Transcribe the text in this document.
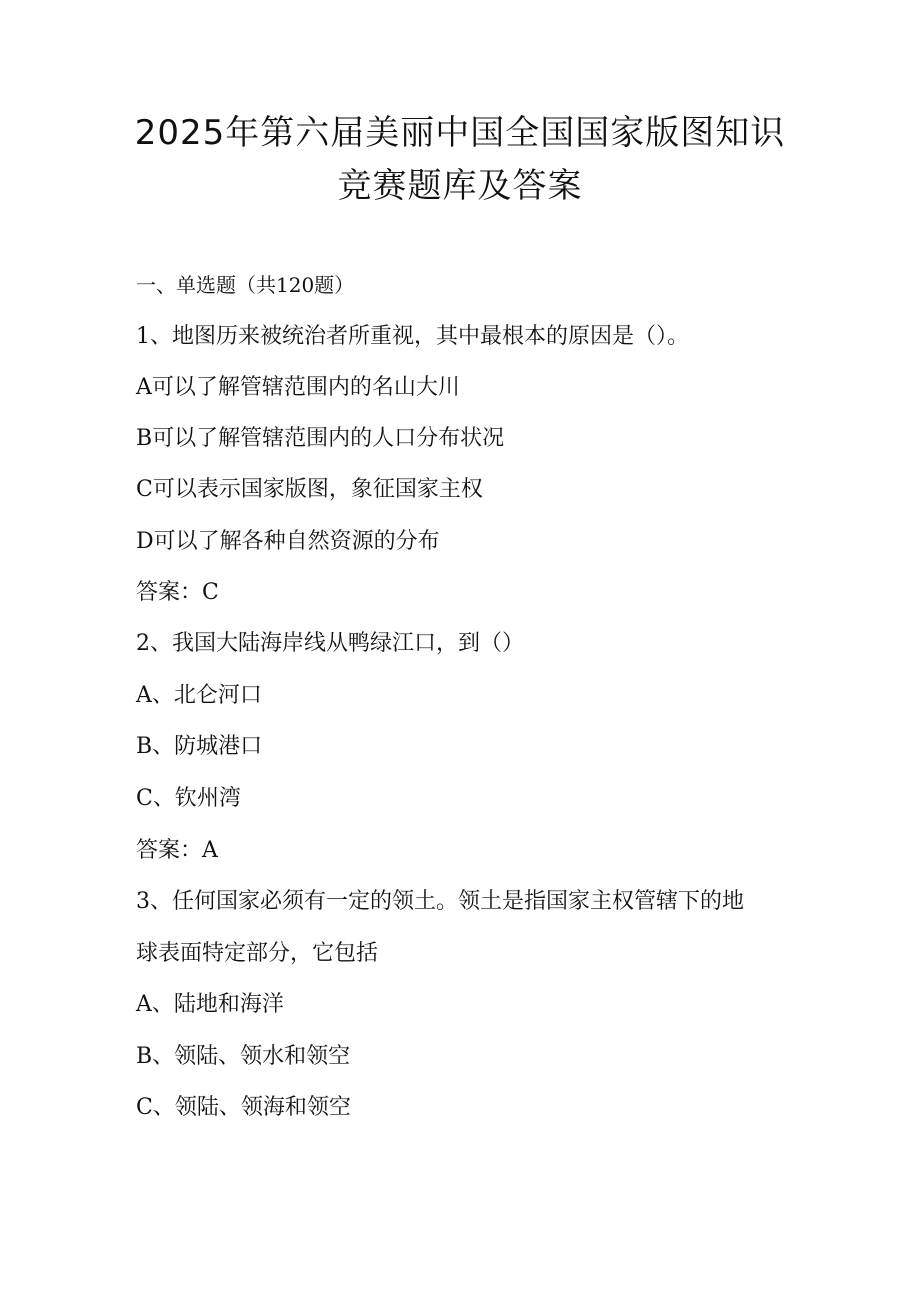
2025年第六届美丽中国全国国家版图知识
竞赛题库及答案
一、单选题（共120题）
1、地图历来被统治者所重视，其中最根本的原因是（）。
A可以了解管辖范围内的名山大川
B可以了解管辖范围内的人口分布状况
C可以表示国家版图，象征国家主权
D可以了解各种自然资源的分布
答案：C
2、我国大陆海岸线从鸭绿江口，到（）
A、北仑河口
B、防城港口
C、钦州湾
答案：A
3、任何国家必须有一定的领土。领土是指国家主权管辖下的地
球表面特定部分，它包括
A、陆地和海洋
B、领陆、领水和领空
C、领陆、领海和领空
